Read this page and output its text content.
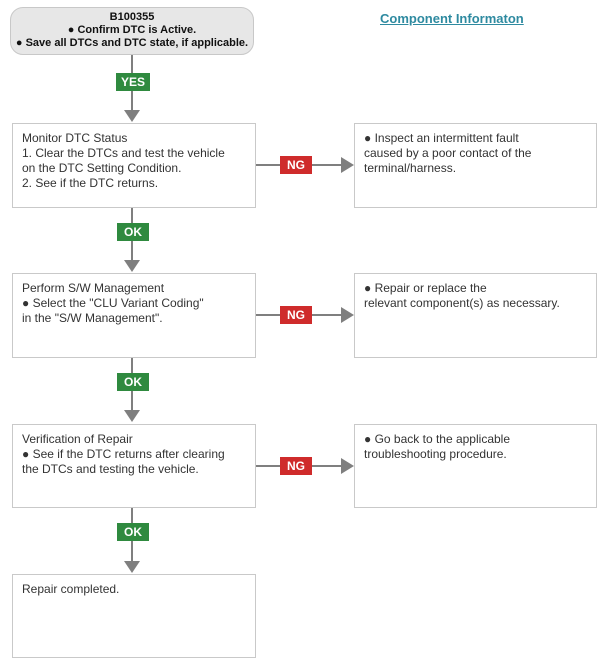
B100355
● Confirm DTC is Active.
● Save all DTCs and DTC state, if applicable.
Component Informaton
YES
Monitor DTC Status
1. Clear the DTCs and test the vehicle
on the DTC Setting Condition.
2. See if the DTC returns.
NG
● Inspect an intermittent fault
caused by a poor contact of the
terminal/harness.
OK
Perform S/W Management
● Select the "CLU Variant Coding"
in the "S/W Management".	NG
● Repair or replace the
relevant component(s) as necessary.
OK
Verification of Repair
● See if the DTC returns after clearing
the DTCs and testing the vehicle.	NG
● Go back to the applicable
troubleshooting procedure.
OK
Repair completed.
